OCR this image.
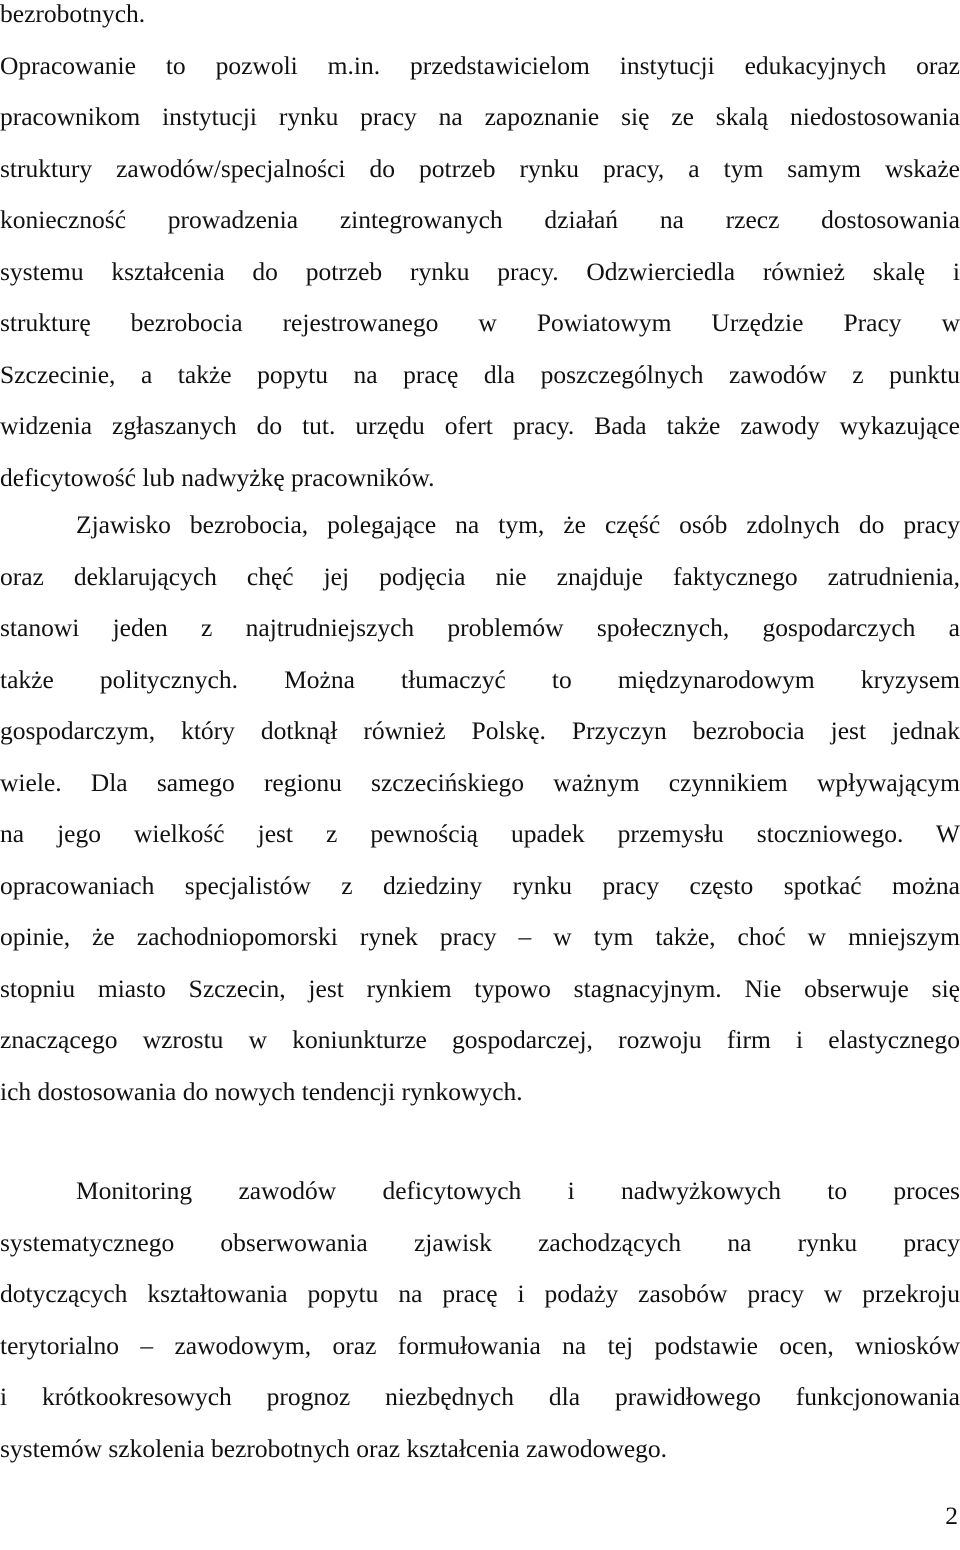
bezrobotnych.
Opracowanie to pozwoli m.in. przedstawicielom instytucji edukacyjnych oraz
pracownikom instytucji rynku pracy na zapoznanie się ze skalą niedostosowania
struktury zawodów/specjalności do potrzeb rynku pracy, a tym samym wskaże
konieczność prowadzenia zintegrowanych działań na rzecz dostosowania
systemu kształcenia do potrzeb rynku pracy. Odzwierciedla również skalę i
strukturę bezrobocia rejestrowanego w Powiatowym Urzędzie Pracy w
Szczecinie, a także popytu na pracę dla poszczególnych zawodów z punktu
widzenia zgłaszanych do tut. urzędu ofert pracy. Bada także zawody wykazujące
deficytowość lub nadwyżkę pracowników.
Zjawisko bezrobocia, polegające na tym, że część osób zdolnych do pracy
oraz deklarujących chęć jej podjęcia nie znajduje faktycznego zatrudnienia,
stanowi jeden z najtrudniejszych problemów społecznych, gospodarczych a
także politycznych. Można tłumaczyć to międzynarodowym kryzysem
gospodarczym, który dotknął również Polskę. Przyczyn bezrobocia jest jednak
wiele. Dla samego regionu szczecińskiego ważnym czynnikiem wpływającym
na jego wielkość jest z pewnością upadek przemysłu stoczniowego. W
opracowaniach specjalistów z dziedziny rynku pracy często spotkać można
opinie, że zachodniopomorski rynek pracy – w tym także, choć w mniejszym
stopniu miasto Szczecin, jest rynkiem typowo stagnacyjnym. Nie obserwuje się
znaczącego wzrostu w koniunkturze gospodarczej, rozwoju firm i elastycznego
ich dostosowania do nowych tendencji rynkowych.
Monitoring zawodów deficytowych i nadwyżkowych to proces
systematycznego obserwowania zjawisk zachodzących na rynku pracy
dotyczących kształtowania popytu na pracę i podaży zasobów pracy w przekroju
terytorialno – zawodowym, oraz formułowania na tej podstawie ocen, wniosków
i krótkookresowych prognoz niezbędnych dla prawidłowego funkcjonowania
systemów szkolenia bezrobotnych oraz kształcenia zawodowego.
2
